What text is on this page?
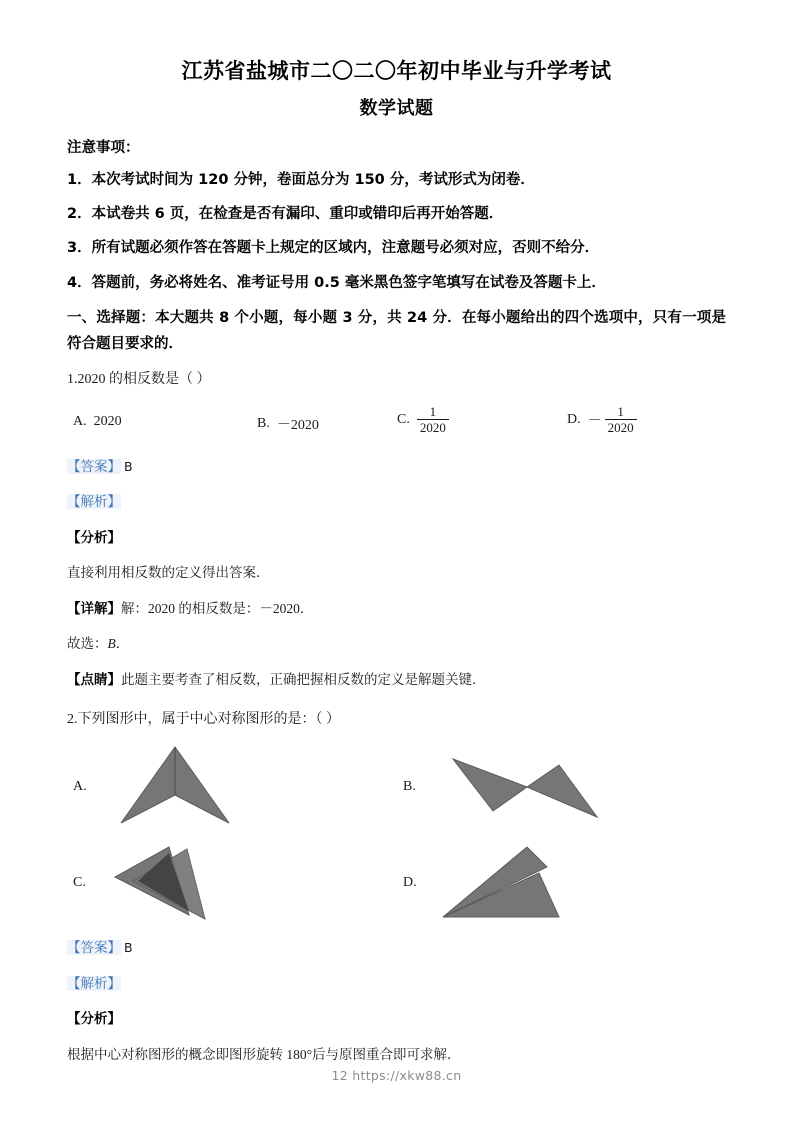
江苏省盐城市二〇二〇年初中毕业与升学考试
数学试题
注意事项：
1．本次考试时间为 120 分钟，卷面总分为 150 分，考试形式为闭卷．
2．本试卷共 6 页，在检查是否有漏印、重印或错印后再开始答题．
3．所有试题必须作答在答题卡上规定的区域内，注意题号必须对应，否则不给分．
4．答题前，务必将姓名、准考证号用 0.5 毫米黑色签字笔填写在试卷及答题卡上．
一、选择题：本大题共 8 个小题，每小题 3 分，共 24 分．在每小题给出的四个选项中，只有一项是符合题目要求的．
1.2020 的相反数是（ ）
A. 2020	B. －2020	C. $\frac{1}{2020}$	D. － $\frac{1}{2020}$
【答案】 B
【解析】
【分析】
直接利用相反数的定义得出答案．
【详解】解：2020 的相反数是：－2020．
故选：B．
【点睛】此题主要考查了相反数，正确把握相反数的定义是解题关键．
2.下列图形中，属于中心对称图形的是：（ ）
A.	B.
C.	D.
【答案】 B
【解析】
【分析】
根据中心对称图形的概念即图形旋转 180°后与原图重合即可求解．
12 https://xkw88.cn
